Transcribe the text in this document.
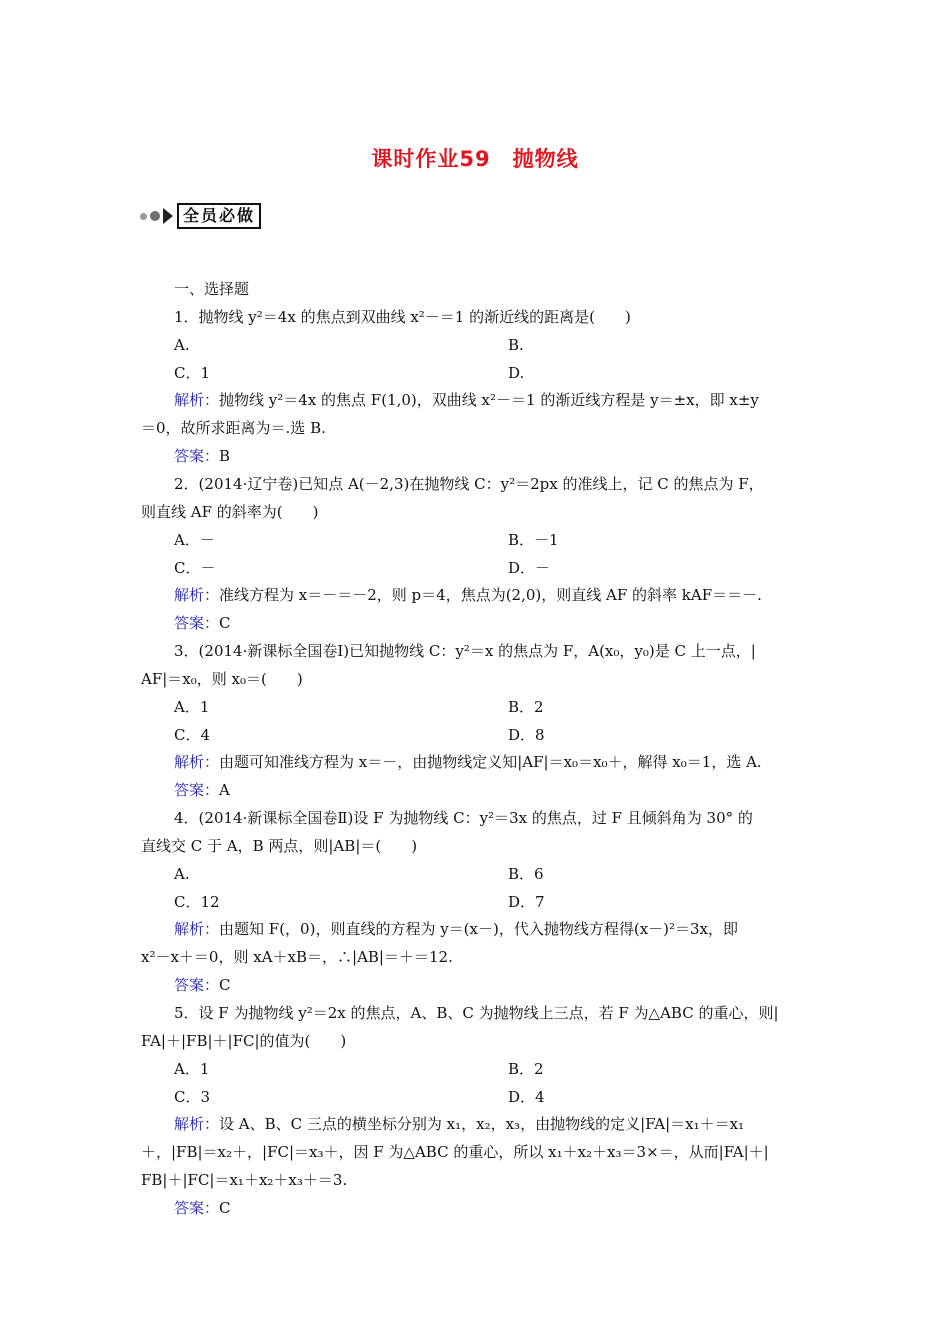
课时作业59 抛物线
全员必做
一、选择题
1．抛物线 y²＝4x 的焦点到双曲线 x²－＝1 的渐近线的距离是(　　)
A.	B.
C．1	D.
解析：抛物线 y²＝4x 的焦点 F(1,0)，双曲线 x²－＝1 的渐近线方程是 y＝±x，即 x±y
＝0，故所求距离为＝.选 B.
答案：B
2．(2014·辽宁卷)已知点 A(－2,3)在抛物线 C：y²＝2px 的准线上，记 C 的焦点为 F，
则直线 AF 的斜率为(　　)
A．－	B．－1
C．－	D．－
解析：准线方程为 x＝－＝－2，则 p＝4，焦点为(2,0)，则直线 AF 的斜率 kAF＝＝－.
答案：C
3．(2014·新课标全国卷Ⅰ)已知抛物线 C：y²＝x 的焦点为 F，A(x₀，y₀)是 C 上一点，|
AF|＝x₀，则 x₀＝(　　)
A．1	B．2
C．4	D．8
解析：由题可知准线方程为 x＝－，由抛物线定义知|AF|＝x₀＝x₀＋，解得 x₀＝1，选 A.
答案：A
4．(2014·新课标全国卷Ⅱ)设 F 为抛物线 C：y²＝3x 的焦点，过 F 且倾斜角为 30° 的
直线交 C 于 A，B 两点，则|AB|＝(　　)
A.	B．6
C．12	D．7
解析：由题知 F(，0)，则直线的方程为 y＝(x－)，代入抛物线方程得(x－)²＝3x，即
x²－x＋＝0，则 xA＋xB＝，∴|AB|＝＋＝12.
答案：C
5．设 F 为抛物线 y²＝2x 的焦点，A、B、C 为抛物线上三点，若 F 为△ABC 的重心，则|
FA|＋|FB|＋|FC|的值为(　　)
A．1	B．2
C．3	D．4
解析：设 A、B、C 三点的横坐标分别为 x₁，x₂，x₃，由抛物线的定义|FA|＝x₁＋＝x₁
＋，|FB|＝x₂＋，|FC|＝x₃＋，因 F 为△ABC 的重心，所以 x₁＋x₂＋x₃＝3×＝，从而|FA|＋|
FB|＋|FC|＝x₁＋x₂＋x₃＋＝3.
答案：C
